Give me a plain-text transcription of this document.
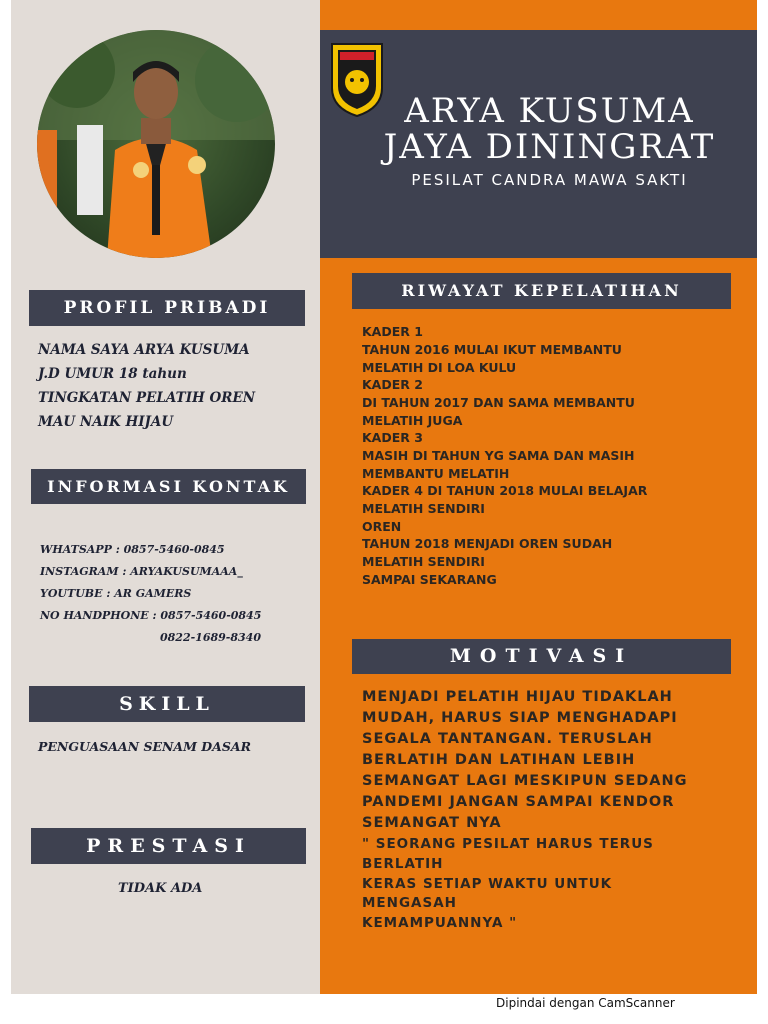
ARYA KUSUMA
JAYA DININGRAT
PESILAT CANDRA MAWA SAKTI
PROFIL PRIBADI
NAMA SAYA ARYA KUSUMA
J.D UMUR 18 tahun
TINGKATAN PELATIH OREN
MAU NAIK HIJAU
INFORMASI KONTAK
WHATSAPP : 0857-5460-0845
INSTAGRAM : ARYAKUSUMAAA_
YOUTUBE : AR GAMERS
NO HANDPHONE : 0857-5460-0845
0822-1689-8340
SKILL
PENGUASAAN SENAM DASAR
PRESTASI
TIDAK ADA
RIWAYAT KEPELATIHAN
KADER 1
TAHUN 2016 MULAI IKUT MEMBANTU
MELATIH DI LOA KULU
KADER 2
DI TAHUN 2017 DAN SAMA MEMBANTU
MELATIH JUGA
KADER 3
MASIH DI TAHUN YG SAMA DAN MASIH
MEMBANTU MELATIH
KADER 4 DI TAHUN 2018 MULAI BELAJAR
MELATIH SENDIRI
OREN
TAHUN 2018 MENJADI OREN SUDAH
MELATIH SENDIRI
SAMPAI SEKARANG
MOTIVASI
MENJADI PELATIH HIJAU TIDAKLAH
MUDAH, HARUS SIAP MENGHADAPI
SEGALA TANTANGAN. TERUSLAH
BERLATIH DAN LATIHAN LEBIH
SEMANGAT LAGI MESKIPUN SEDANG
PANDEMI JANGAN SAMPAI KENDOR
SEMANGAT NYA
" SEORANG PESILAT HARUS TERUS
BERLATIH
KERAS SETIAP WAKTU UNTUK
MENGASAH
KEMAMPUANNYA "
Dipindai dengan CamScanner
